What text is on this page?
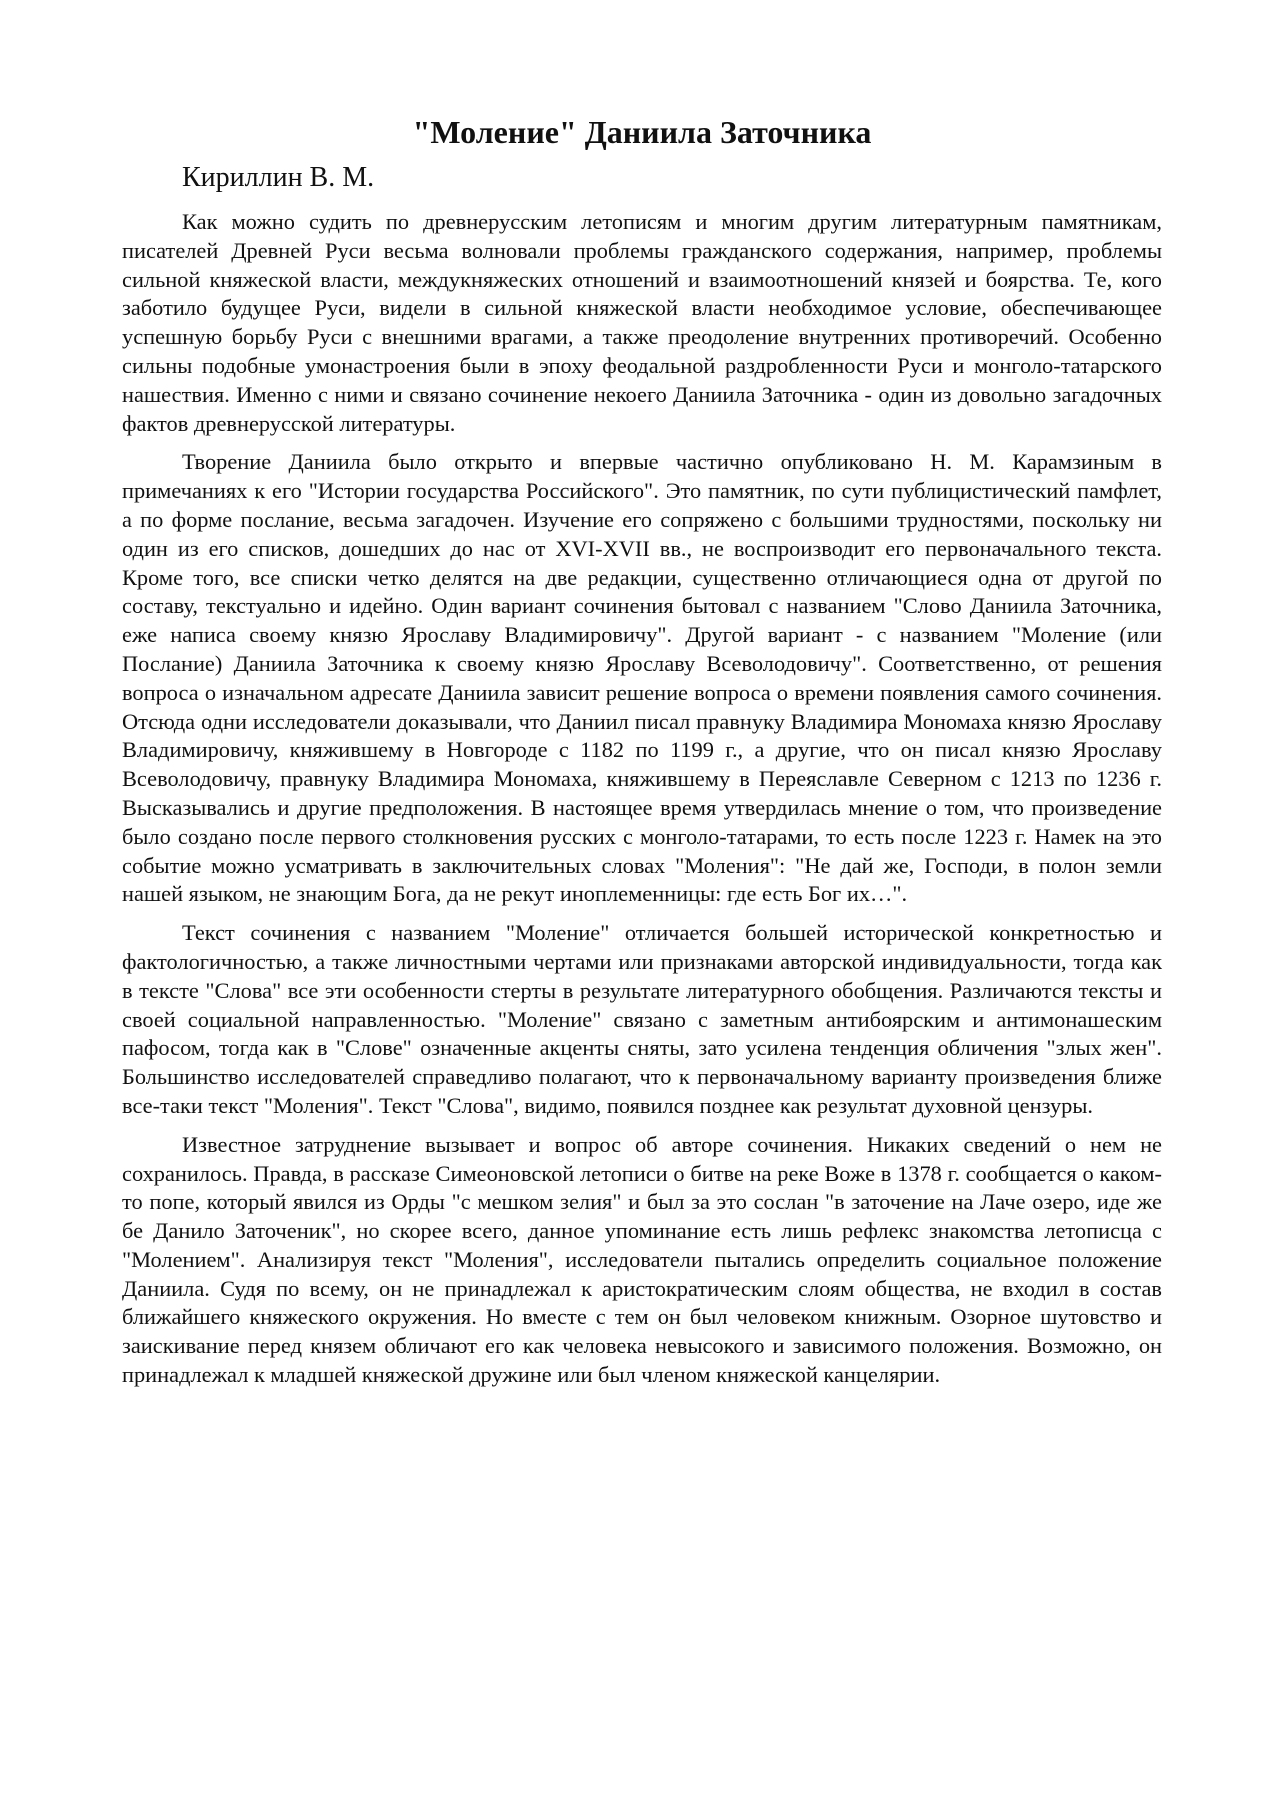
"Моление" Даниила Заточника
Кириллин В. М.

Как можно судить по древнерусским летописям и многим другим литературным памятникам, писателей Древней Руси весьма волновали проблемы гражданского содержания, например, проблемы сильной княжеской власти, междукняжеских отношений и взаимоотношений князей и боярства. Те, кого заботило будущее Руси, видели в сильной княжеской власти необходимое условие, обеспечивающее успешную борьбу Руси с внешними врагами, а также преодоление внутренних противоречий. Особенно сильны подобные умонастроения были в эпоху феодальной раздробленности Руси и монголо-татарского нашествия. Именно с ними и связано сочинение некоего Даниила Заточника - один из довольно загадочных фактов древнерусской литературы.

Творение Даниила было открыто и впервые частично опубликовано Н. М. Карамзиным в примечаниях к его "Истории государства Российского". Это памятник, по сути публицистический памфлет, а по форме послание, весьма загадочен. Изучение его сопряжено с большими трудностями, поскольку ни один из его списков, дошедших до нас от XVI-XVII вв., не воспроизводит его первоначального текста. Кроме того, все списки четко делятся на две редакции, существенно отличающиеся одна от другой по составу, текстуально и идейно. Один вариант сочинения бытовал с названием "Слово Даниила Заточника, еже написа своему князю Ярославу Владимировичу". Другой вариант - с названием "Моление (или Послание) Даниила Заточника к своему князю Ярославу Всеволодовичу". Соответственно, от решения вопроса о изначальном адресате Даниила зависит решение вопроса о времени появления самого сочинения. Отсюда одни исследователи доказывали, что Даниил писал правнуку Владимира Мономаха князю Ярославу Владимировичу, княжившему в Новгороде с 1182 по 1199 г., а другие, что он писал князю Ярославу Всеволодовичу, правнуку Владимира Мономаха, княжившему в Переяславле Северном с 1213 по 1236 г. Высказывались и другие предположения. В настоящее время утвердилась мнение о том, что произведение было создано после первого столкновения русских с монголо-татарами, то есть после 1223 г. Намек на это событие можно усматривать в заключительных словах "Моления": "Не дай же, Господи, в полон земли нашей языком, не знающим Бога, да не рекут иноплеменницы: где есть Бог их…".

Текст сочинения с названием "Моление" отличается большей исторической конкретностью и фактологичностью, а также личностными чертами или признаками авторской индивидуальности, тогда как в тексте "Слова" все эти особенности стерты в результате литературного обобщения. Различаются тексты и своей социальной направленностью. "Моление" связано с заметным антибоярским и антимонашеским пафосом, тогда как в "Слове" означенные акценты сняты, зато усилена тенденция обличения "злых жен". Большинство исследователей справедливо полагают, что к первоначальному варианту произведения ближе все-таки текст "Моления". Текст "Слова", видимо, появился позднее как результат духовной цензуры.

Известное затруднение вызывает и вопрос об авторе сочинения. Никаких сведений о нем не сохранилось. Правда, в рассказе Симеоновской летописи о битве на реке Воже в 1378 г. сообщается о каком-то попе, который явился из Орды "с мешком зелия" и был за это сослан "в заточение на Лаче озеро, иде же бе Данило Заточеник", но скорее всего, данное упоминание есть лишь рефлекс знакомства летописца с "Молением". Анализируя текст "Моления", исследователи пытались определить социальное положение Даниила. Судя по всему, он не принадлежал к аристократическим слоям общества, не входил в состав ближайшего княжеского окружения. Но вместе с тем он был человеком книжным. Озорное шутовство и заискивание перед князем обличают его как человека невысокого и зависимого положения. Возможно, он принадлежал к младшей княжеской дружине или был членом княжеской канцелярии.
